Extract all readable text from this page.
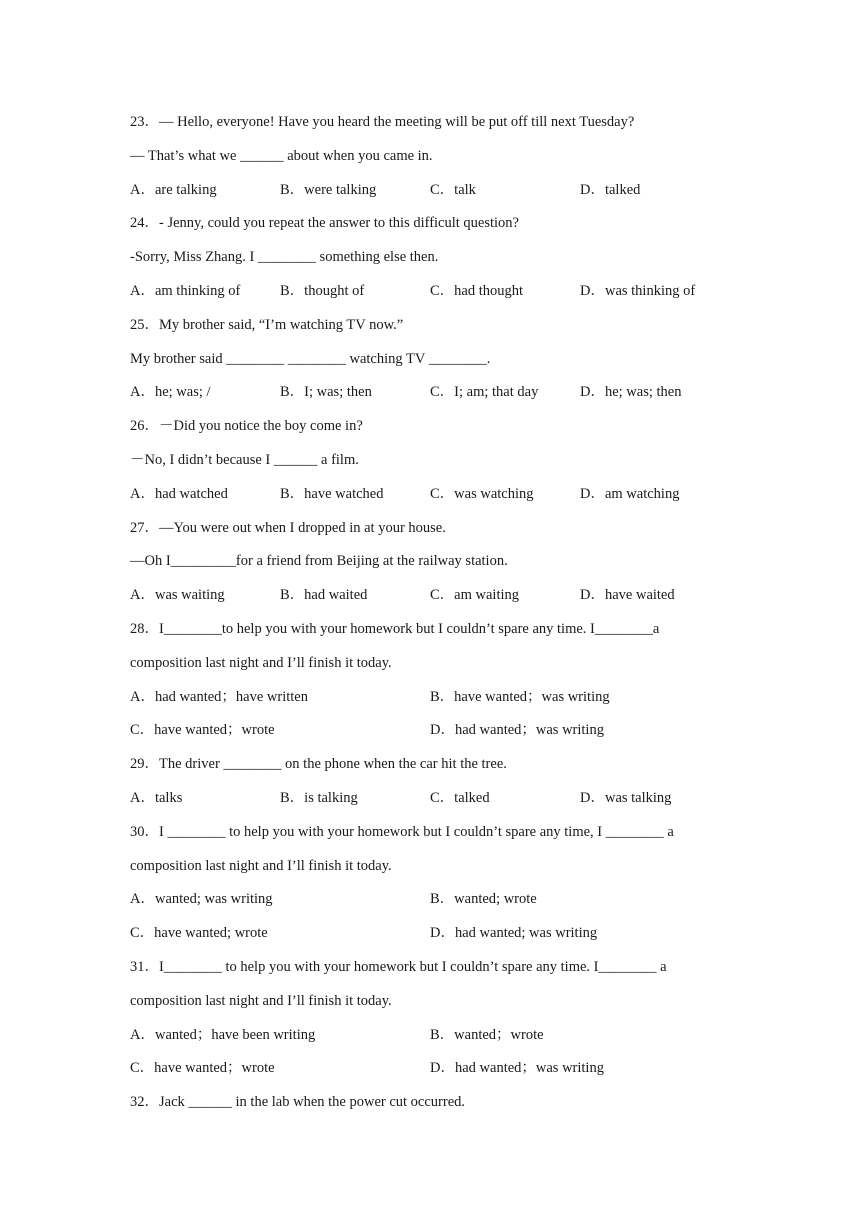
23．— Hello, everyone! Have you heard the meeting will be put off till next Tuesday?
— That’s what we ______ about when you came in.
A．are talking	B．were talking	C．talk	D．talked
24．- Jenny, could you repeat the answer to this difficult question?
-Sorry, Miss Zhang. I ________ something else then.
A．am thinking of	B．thought of	C．had thought	D．was thinking of
25．My brother said, “I’m watching TV now.”
My brother said ________ ________ watching TV ________.
A．he; was; /	B．I; was; then	C．I; am; that day	D．he; was; then
26．－Did you notice the boy come in?
－No, I didn’t because I ______ a film.
A．had watched	B．have watched	C．was watching	D．am watching
27．—You were out when I dropped in at your house.
—Oh I_________for a friend from Beijing at the railway station.
A．was waiting	B．had waited	C．am waiting	D．have waited
28．I________to help you with your homework but I couldn’t spare any time. I________a
composition last night and I’ll finish it today.
A．had wanted；have written	B．have wanted；was writing
C．have wanted；wrote	D．had wanted；was writing
29．The driver ________ on the phone when the car hit the tree.
A．talks	B．is talking	C．talked	D．was talking
30．I ________ to help you with your homework but I couldn’t spare any time, I ________ a
composition last night and I’ll finish it today.
A．wanted; was writing	B．wanted; wrote
C．have wanted; wrote	D．had wanted; was writing
31．I________ to help you with your homework but I couldn’t spare any time. I________ a
composition last night and I’ll finish it today.
A．wanted；have been writing	B．wanted；wrote
C．have wanted；wrote	D．had wanted；was writing
32．Jack ______ in the lab when the power cut occurred.
